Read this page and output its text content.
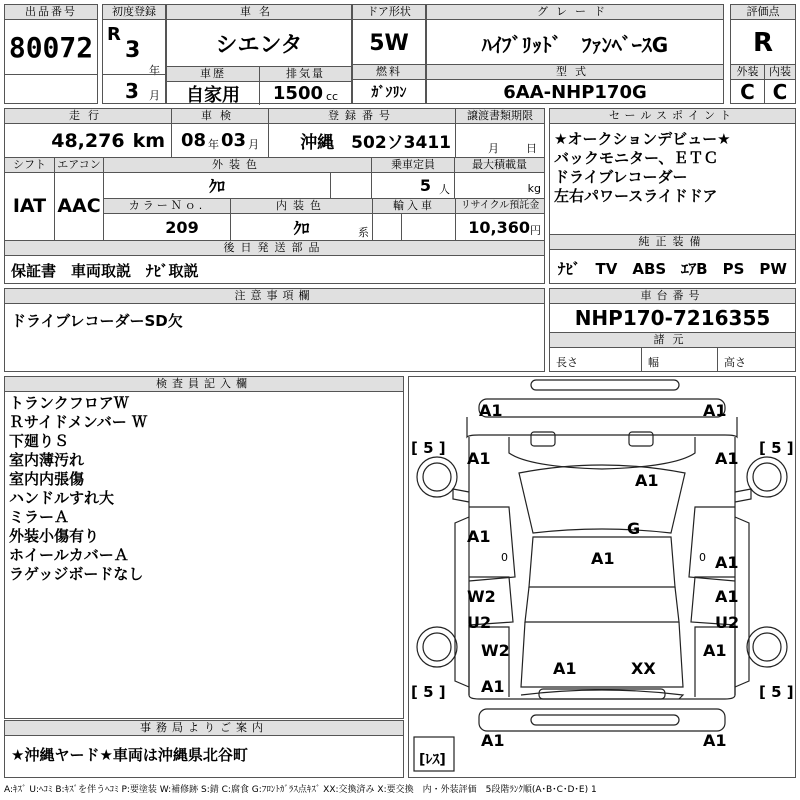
出品番号
80072
初度登録
R
3
年
3 月
車名
シエンタ
車歴
自家用
排気量
1500 cc
ドア形状
5W
燃料
ｶﾞｿﾘﾝ
グレード
ﾊｲﾌﾞﾘｯﾄﾞ　ﾌｧﾝﾍﾞｰｽG
型式
6AA-NHP170G
評価点
R
外装
C
内装
C
走行
48,276 km
車検
08 年 03 月
登録番号
沖縄　502ソ3411
譲渡書類期限
月 日
シフト
IAT
エアコン
AAC
外装色
ｸﾛ
乗車定員
5 人
最大積載量
kg
カラーＮｏ.
209
内装色
ｸﾛ	系
輸入車	リサイクル預託金
10,360 円
後日発送部品
保証書　車両取説　ﾅﾋﾞ取説
セールスポイント
★オークションデビュー★
バックモニター、ＥＴＣ
ドライブレコーダー
左右パワースライドドア
純正装備
ﾅﾋﾞ　TV　ABS　ｴｱB　PS　PW
注意事項欄
ドライブレコーダーSD欠
車台番号
NHP170-7216355
諸元
長さ	幅	高さ
検査員記入欄
トランクフロアＷ
Ｒサイドメンバー Ｗ
下廻りＳ
室内薄汚れ
室内内張傷
ハンドルすれ大
ミラーＡ
外装小傷有り
ホイールカバーＡ
ラゲッジボードなし
事務局よりご案内
★沖縄ヤード★車両は沖縄県北谷町
A1	A1
A1	A1
A1
G
A1
A1	A1
A1
W2
U2	U2
W2	A1
A1	XX
A1
A1	A1
0	0
[ 5 ]	[ 5 ]
[ 5 ]	[ 5 ]
[ﾚｽ]
A:ｷｽﾞ U:ﾍｺﾐ B:ｷｽﾞを伴うﾍｺﾐ P:要塗装 W:補修跡 S:錆 C:腐食 G:ﾌﾛﾝﾄｶﾞﾗｽ点ｷｽﾞ XX:交換済み X:要交換　内・外装評価　5段階ﾗﾝｸ順(A･B･C･D･E) 1
